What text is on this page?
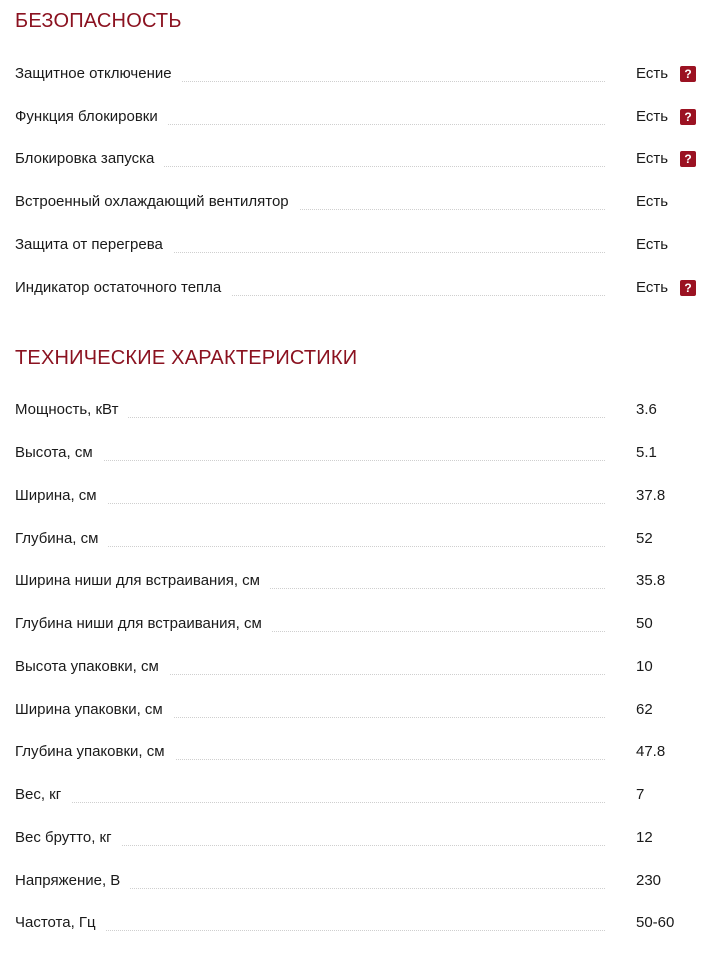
БЕЗОПАСНОСТЬ
Защитное отключение	Есть	?
Функция блокировки	Есть	?
Блокировка запуска	Есть	?
Встроенный охлаждающий вентилятор	Есть
Защита от перегрева	Есть
Индикатор остаточного тепла	Есть	?
ТЕХНИЧЕСКИЕ ХАРАКТЕРИСТИКИ
Мощность, кВт	3.6
Высота, см	5.1
Ширина, см	37.8
Глубина, см	52
Ширина ниши для встраивания, см	35.8
Глубина ниши для встраивания, см	50
Высота упаковки, см	10
Ширина упаковки, см	62
Глубина упаковки, см	47.8
Вес, кг	7
Вес брутто, кг	12
Напряжение, В	230
Частота, Гц	50-60
